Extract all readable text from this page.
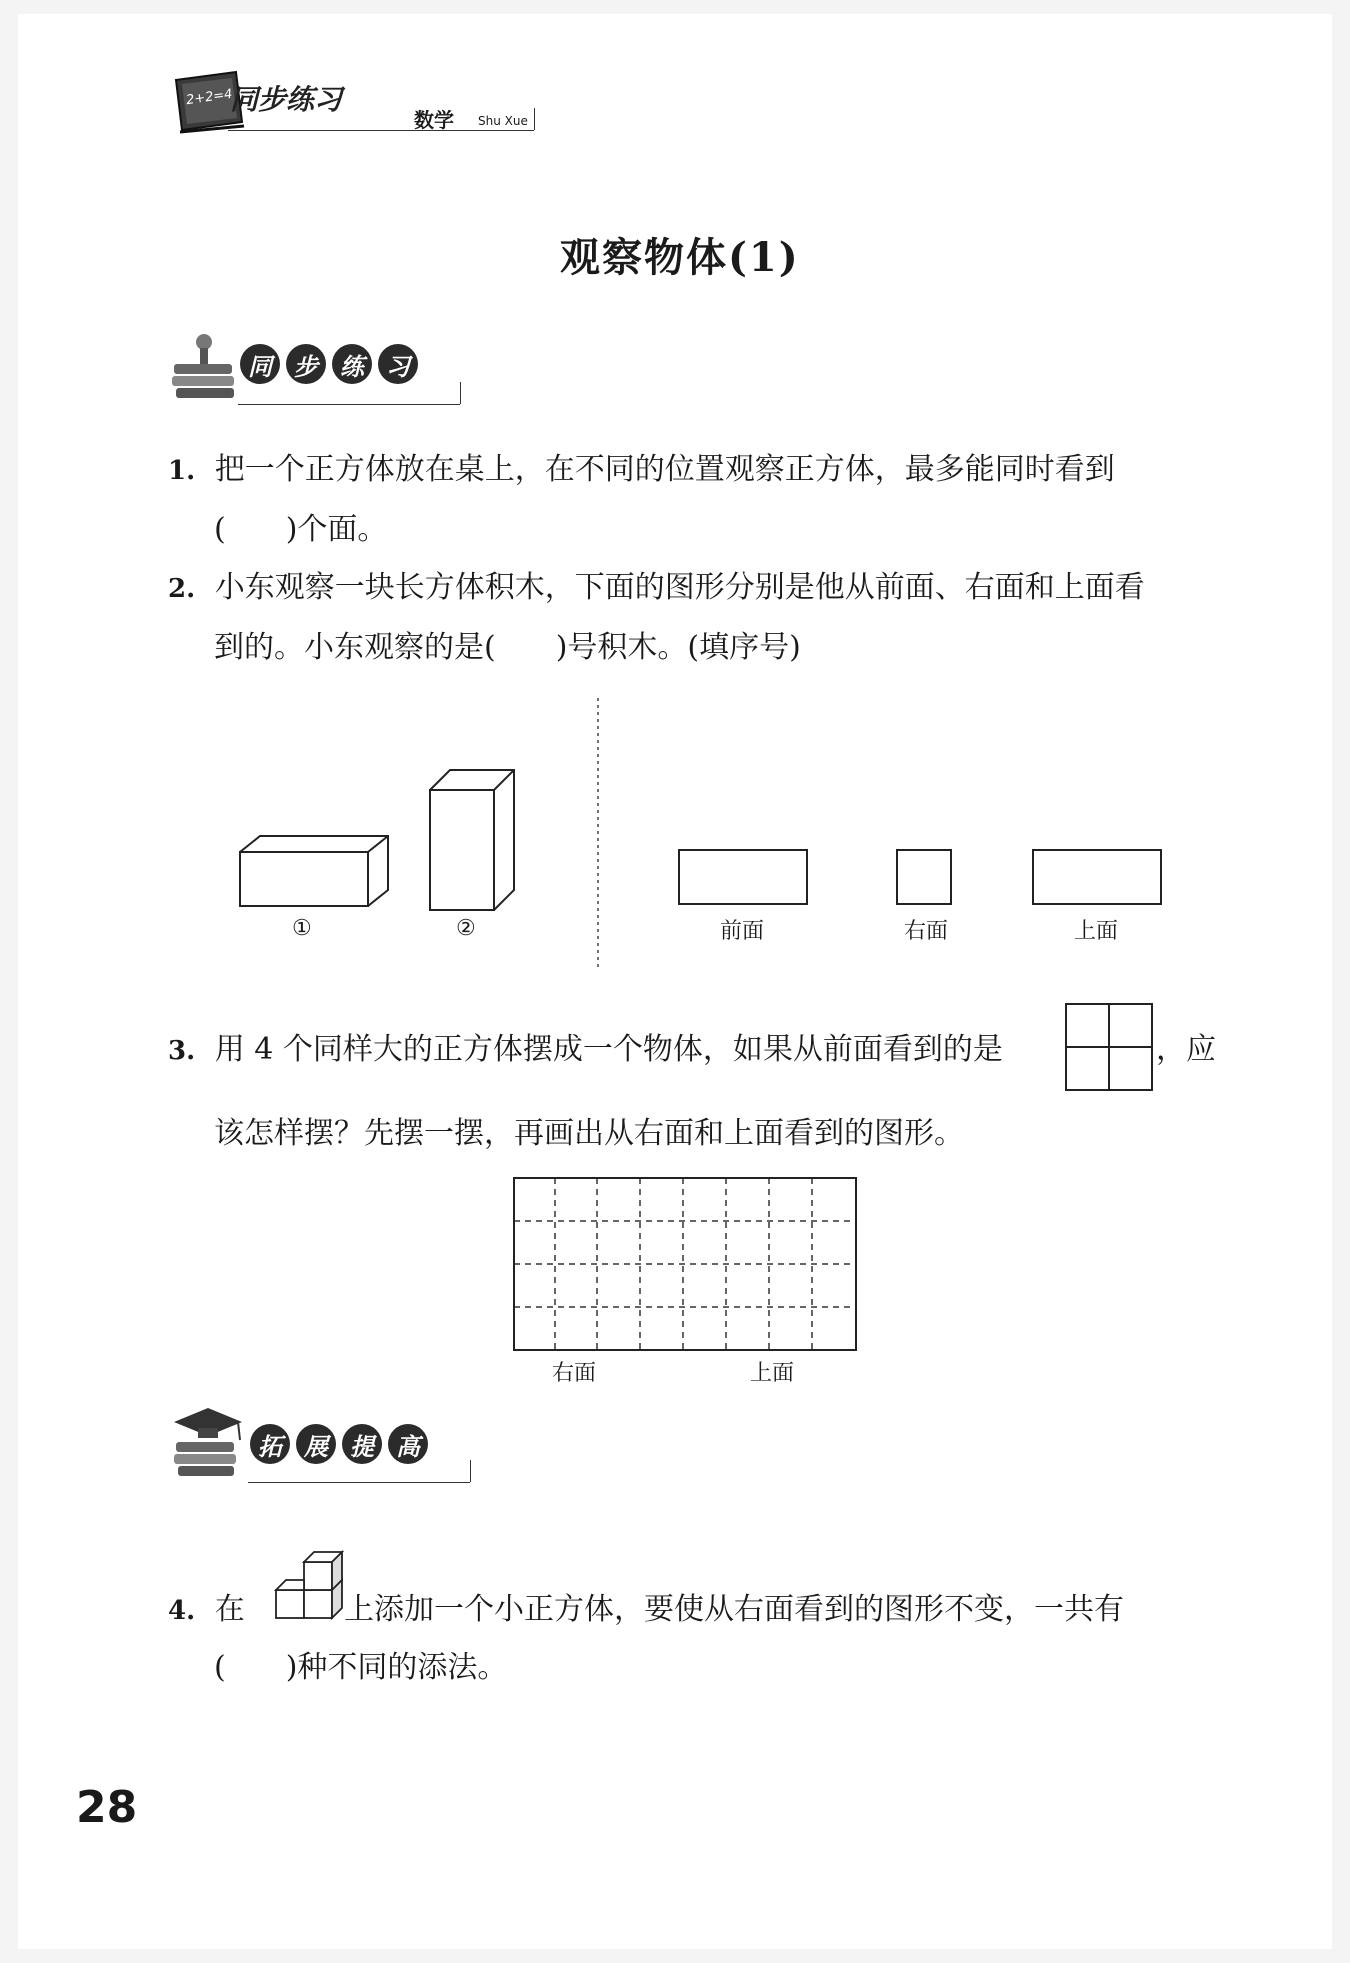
2+2=4
同步练习
数学 Shu Xue
观察物体(1)
同 步 练 习
1. 把一个正方体放在桌上，在不同的位置观察正方体，最多能同时看到
(　　)个面。
2. 小东观察一块长方体积木，下面的图形分别是他从前面、右面和上面看
到的。小东观察的是(　　)号积木。(填序号)
①	②	前面	右面	上面
3. 用 4 个同样大的正方体摆成一个物体，如果从前面看到的是	，应
该怎样摆？先摆一摆，再画出从右面和上面看到的图形。
右面	上面
拓 展 提 高
4. 在	上添加一个小正方体，要使从右面看到的图形不变，一共有
(　　)种不同的添法。
28
